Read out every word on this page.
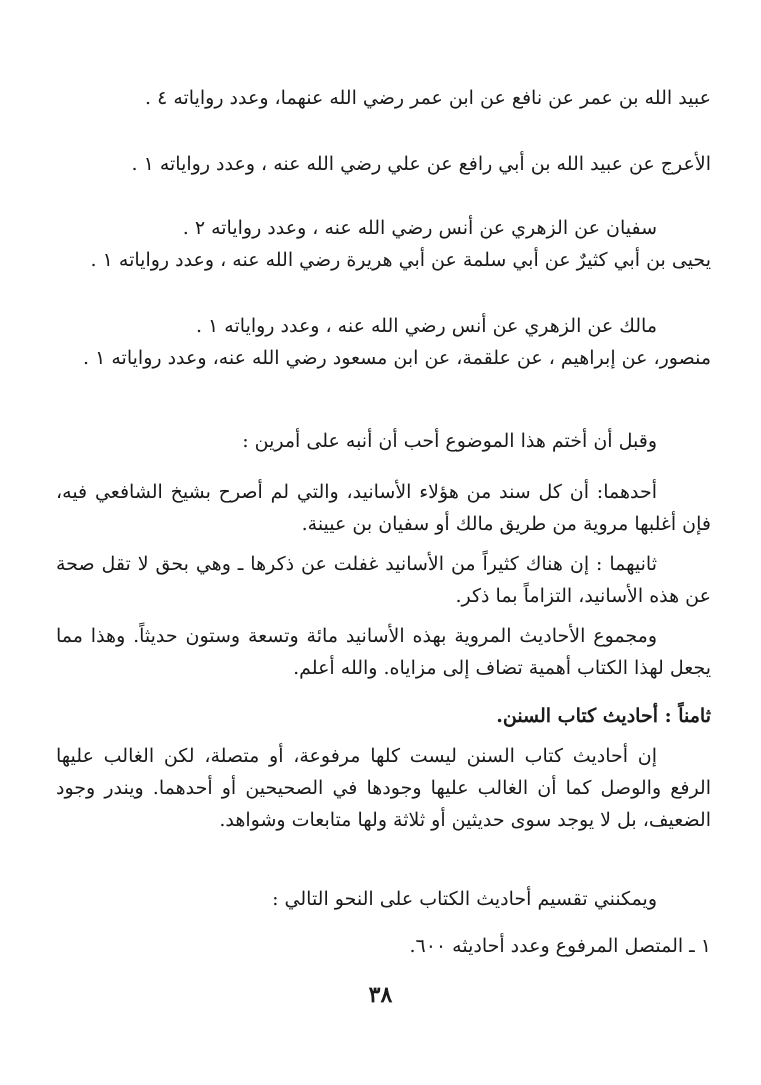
عبيد الله بن عمر عن نافع عن ابن عمر رضي الله عنهما، وعدد رواياته ٤ .
الأعرج عن عبيد الله بن أبي رافع عن علي رضي الله عنه ، وعدد رواياته ١ .
سفيان عن الزهري عن أنس رضي الله عنه ، وعدد رواياته ٢ .
يحيى بن أبي كثيرٌ عن أبي سلمة عن أبي هريرة رضي الله عنه ، وعدد رواياته ١ .
مالك عن الزهري عن أنس رضي الله عنه ، وعدد رواياته ١ .
منصور، عن إبراهيم ، عن علقمة، عن ابن مسعود رضي الله عنه، وعدد رواياته ١ .
وقبل أن أختم هذا الموضوع أحب أن أنبه على أمرين :
أحدهما: أن كل سند من هؤلاء الأسانيد، والتي لم أصرح بشيخ الشافعي فيه، فإن أغلبها مروية من طريق مالك أو سفيان بن عيينة.
ثانيهما : إن هناك كثيراً من الأسانيد غفلت عن ذكرها ـ وهي بحق لا تقل صحة عن هذه الأسانيد، التزاماً بما ذكر.
ومجموع الأحاديث المروية بهذه الأسانيد مائة وتسعة وستون حديثاً. وهذا مما يجعل لهذا الكتاب أهمية تضاف إلى مزاياه. والله أعلم.
ثامناً : أحاديث كتاب السنن.
إن أحاديث كتاب السنن ليست كلها مرفوعة، أو متصلة، لكن الغالب عليها الرفع والوصل كما أن الغالب عليها وجودها في الصحيحين أو أحدهما. ويندر وجود الضعيف، بل لا يوجد سوى حديثين أو ثلاثة ولها متابعات وشواهد.
ويمكنني تقسيم أحاديث الكتاب على النحو التالي :
١ ـ المتصل المرفوع وعدد أحاديثه ٦٠٠.
٣٨
